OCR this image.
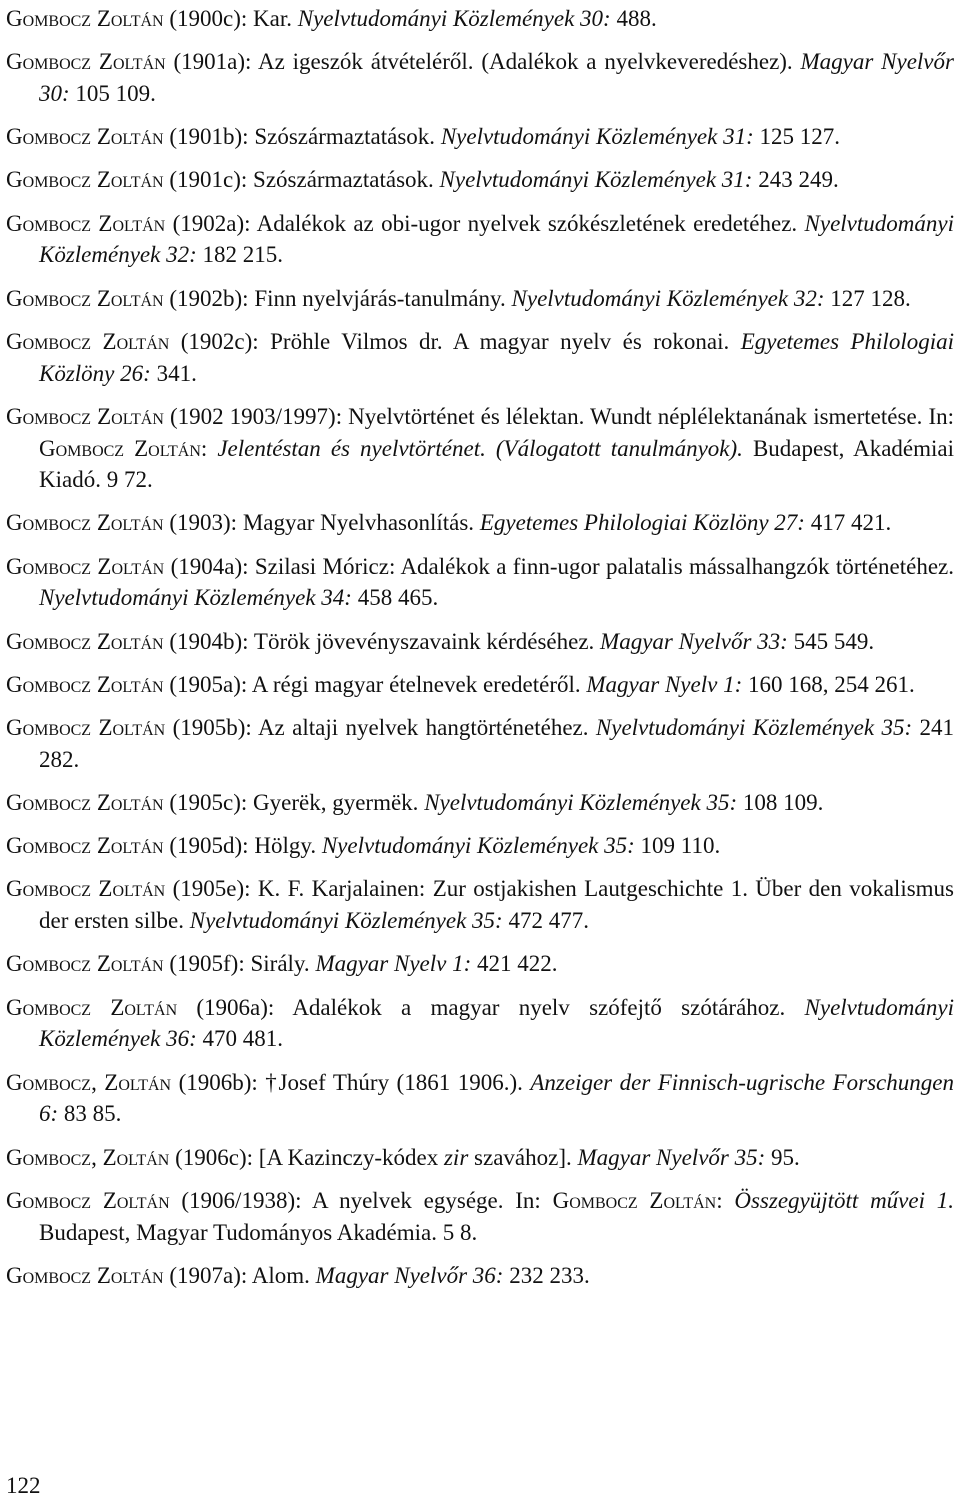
Gombocz Zoltán (1900c): Kar. Nyelvtudományi Közlemények 30: 488.

Gombocz Zoltán (1901a): Az igeszók átvételéről. (Adalékok a nyelvkeveredéshez). Magyar Nyelvőr 30: 105 109.

Gombocz Zoltán (1901b): Szószármaztatások. Nyelvtudományi Közlemények 31: 125 127.

Gombocz Zoltán (1901c): Szószármaztatások. Nyelvtudományi Közlemények 31: 243 249.

Gombocz Zoltán (1902a): Adalékok az obi-ugor nyelvek szókészletének eredetéhez. Nyelvtudományi Közlemények 32: 182 215.

Gombocz Zoltán (1902b): Finn nyelvjárás-tanulmány. Nyelvtudományi Közlemények 32: 127 128.

Gombocz Zoltán (1902c): Pröhle Vilmos dr. A magyar nyelv és rokonai. Egyetemes Philologiai Közlöny 26: 341.

Gombocz Zoltán (1902 1903/1997): Nyelvtörténet és lélektan. Wundt néplélektanának ismertetése. In: Gombocz Zoltán: Jelentéstan és nyelvtörténet. (Válogatott tanulmányok). Budapest, Akadémiai Kiadó. 9 72.

Gombocz Zoltán (1903): Magyar Nyelvhasonlítás. Egyetemes Philologiai Közlöny 27: 417 421.

Gombocz Zoltán (1904a): Szilasi Móricz: Adalékok a finn-ugor palatalis mássalhangzók történetéhez. Nyelvtudományi Közlemények 34: 458 465.

Gombocz Zoltán (1904b): Török jövevényszavaink kérdéséhez. Magyar Nyelvőr 33: 545 549.

Gombocz Zoltán (1905a): A régi magyar ételnevek eredetéről. Magyar Nyelv 1: 160 168, 254 261.

Gombocz Zoltán (1905b): Az altaji nyelvek hangtörténetéhez. Nyelvtudományi Közlemények 35: 241 282.

Gombocz Zoltán (1905c): Gyerëk, gyermëk. Nyelvtudományi Közlemények 35: 108 109.

Gombocz Zoltán (1905d): Hölgy. Nyelvtudományi Közlemények 35: 109 110.

Gombocz Zoltán (1905e): K. F. Karjalainen: Zur ostjakishen Lautgeschichte 1. Über den vokalismus der ersten silbe. Nyelvtudományi Közlemények 35: 472 477.

Gombocz Zoltán (1905f): Sirály. Magyar Nyelv 1: 421 422.

Gombocz Zoltán (1906a): Adalékok a magyar nyelv szófejtő szótárához. Nyelvtudományi Közlemények 36: 470 481.

Gombocz, Zoltán (1906b): †Josef Thúry (1861 1906.). Anzeiger der Finnisch-ugrische Forschungen 6: 83 85.

Gombocz, Zoltán (1906c): [A Kazinczy-kódex zir szavához]. Magyar Nyelvőr 35: 95.

Gombocz Zoltán (1906/1938): A nyelvek egysége. In: Gombocz Zoltán: Összegyüjtött művei 1. Budapest, Magyar Tudományos Akadémia. 5 8.

Gombocz Zoltán (1907a): Alom. Magyar Nyelvőr 36: 232 233.

122
